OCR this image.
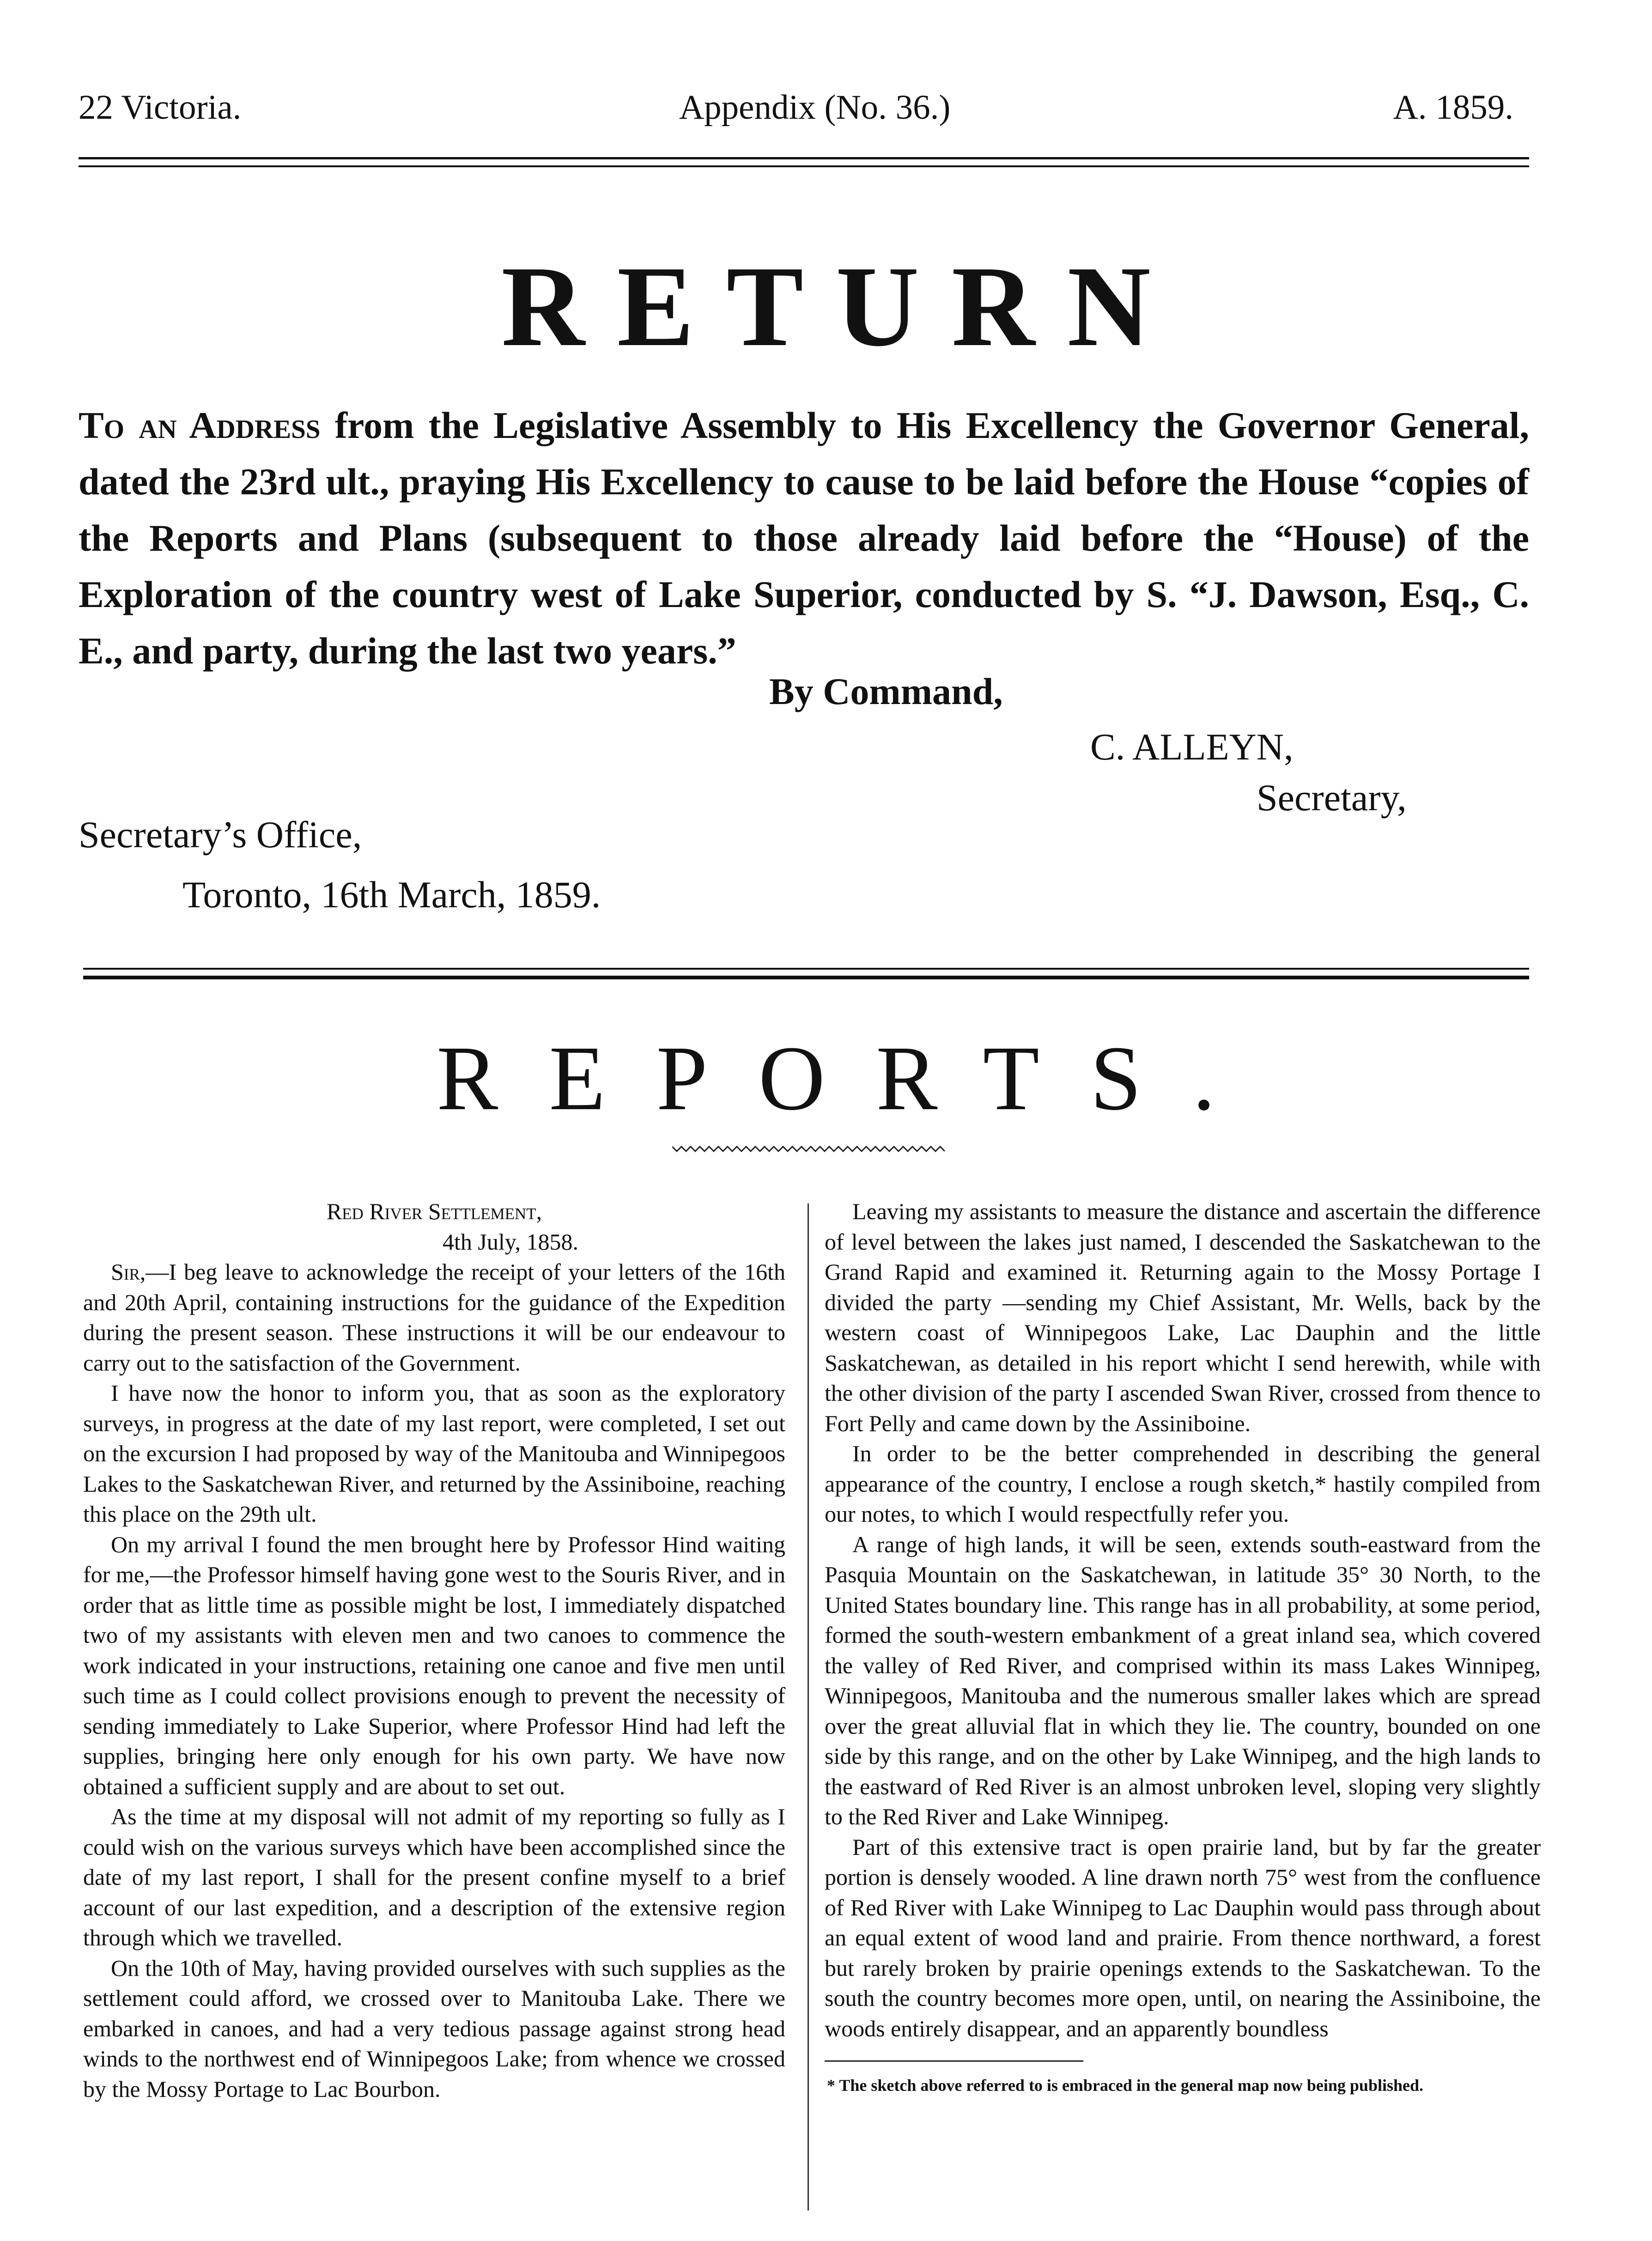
22 Victoria.	Appendix (No. 36.)	A. 1859.
RETURN

To an Address from the Legislative Assembly to His Excellency the Governor General, dated the 23rd ult., praying His Excellency to cause to be laid before the House “copies of the Reports and Plans (subsequent to those already laid before the “House) of the Exploration of the country west of Lake Superior, conducted by S. “J. Dawson, Esq., C. E., and party, during the last two years.”

By Command,
C. ALLEYN,
Secretary,
Secretary’s Office,
Toronto, 16th March, 1859.
REPORTS.

Red River Settlement,

4th July, 1858.

Sir,—I beg leave to acknowledge the receipt of your letters of the 16th and 20th April, containing instructions for the guidance of the Expedition during the present season. These instructions it will be our endeavour to carry out to the satisfaction of the Government.

I have now the honor to inform you, that as soon as the exploratory surveys, in progress at the date of my last report, were completed, I set out on the excursion I had proposed by way of the Manitouba and Winnipegoos Lakes to the Saskatchewan River, and returned by the Assiniboine, reaching this place on the 29th ult.

On my arrival I found the men brought here by Professor Hind waiting for me,—the Professor himself having gone west to the Souris River, and in order that as little time as possible might be lost, I immediately dispatched two of my assistants with eleven men and two canoes to commence the work indicated in your instructions, retaining one canoe and five men until such time as I could collect provisions enough to prevent the necessity of sending immediately to Lake Superior, where Professor Hind had left the supplies, bringing here only enough for his own party. We have now obtained a sufficient supply and are about to set out.

As the time at my disposal will not admit of my reporting so fully as I could wish on the various surveys which have been accomplished since the date of my last report, I shall for the present confine myself to a brief account of our last expedition, and a description of the extensive region through which we travelled.

On the 10th of May, having provided ourselves with such supplies as the settlement could afford, we crossed over to Manitouba Lake. There we embarked in canoes, and had a very tedious passage against strong head winds to the northwest end of Winnipegoos Lake; from whence we crossed by the Mossy Portage to Lac Bourbon.

Leaving my assistants to measure the distance and ascertain the difference of level between the lakes just named, I descended the Saskatchewan to the Grand Rapid and examined it. Returning again to the Mossy Portage I divided the party —sending my Chief Assistant, Mr. Wells, back by the western coast of Winnipegoos Lake, Lac Dauphin and the little Saskatchewan, as detailed in his report whicht I send herewith, while with the other division of the party I ascended Swan River, crossed from thence to Fort Pelly and came down by the Assiniboine.

In order to be the better comprehended in describing the general appearance of the country, I enclose a rough sketch,* hastily compiled from our notes, to which I would respectfully refer you.

A range of high lands, it will be seen, extends south-eastward from the Pasquia Mountain on the Saskatchewan, in latitude 35° 30 North, to the United States boundary line. This range has in all probability, at some period, formed the south-western embankment of a great inland sea, which covered the valley of Red River, and comprised within its mass Lakes Winnipeg, Winnipegoos, Manitouba and the numerous smaller lakes which are spread over the great alluvial flat in which they lie. The country, bounded on one side by this range, and on the other by Lake Winnipeg, and the high lands to the eastward of Red River is an almost unbroken level, sloping very slightly to the Red River and Lake Winnipeg.

Part of this extensive tract is open prairie land, but by far the greater portion is densely wooded. A line drawn north 75° west from the confluence of Red River with Lake Winnipeg to Lac Dauphin would pass through about an equal extent of wood land and prairie. From thence northward, a forest but rarely broken by prairie openings extends to the Saskatchewan. To the south the country becomes more open, until, on nearing the Assiniboine, the woods entirely disappear, and an apparently boundless

* The sketch above referred to is embraced in the general map now being published.
